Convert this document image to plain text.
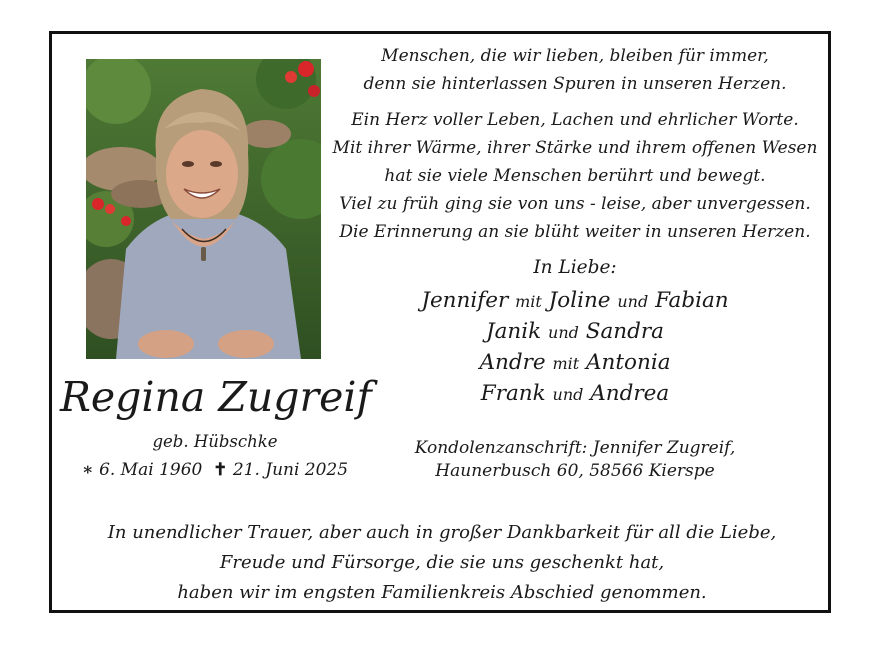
Menschen, die wir lieben, bleiben für immer,
denn sie hinterlassen Spuren in unseren Herzen.
Ein Herz voller Leben, Lachen und ehrlicher Worte.
Mit ihrer Wärme, ihrer Stärke und ihrem offenen Wesen
hat sie viele Menschen berührt und bewegt.
Viel zu früh ging sie von uns - leise, aber unvergessen.
Die Erinnerung an sie blüht weiter in unseren Herzen.
In Liebe:
Jennifer mit Joline und Fabian
Janik und Sandra
Andre mit Antonia
Frank und Andrea
Regina Zugreif
geb. Hübschke
∗ 6. Mai 1960 ✝ 21. Juni 2025
Kondolenzanschrift: Jennifer Zugreif,
Haunerbusch 60, 58566 Kierspe
In unendlicher Trauer, aber auch in großer Dankbarkeit für all die Liebe,
Freude und Fürsorge, die sie uns geschenkt hat,
haben wir im engsten Familienkreis Abschied genommen.
